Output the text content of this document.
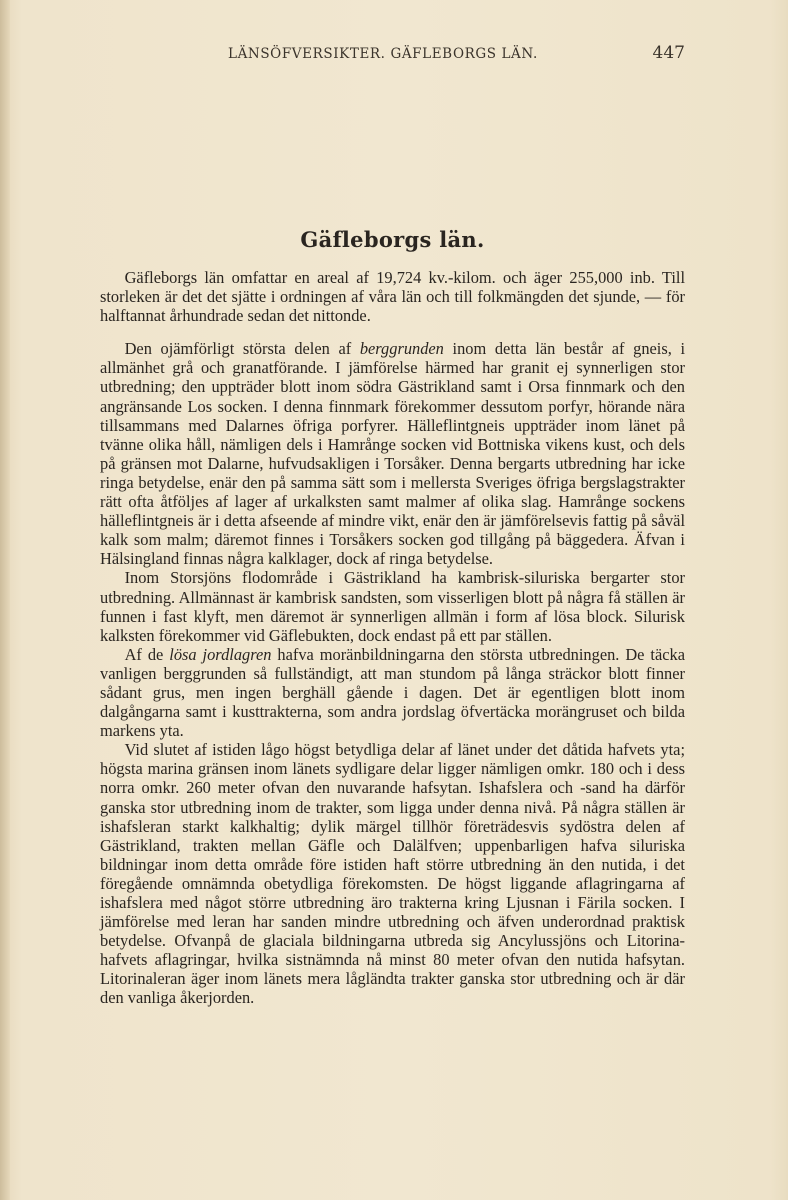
LÄNSÖFVERSIKTER. GÄFLEBORGS LÄN.	447
Gäfleborgs län.

Gäfleborgs län omfattar en areal af 19,724 kv.-kilom. och äger 255,000 inb. Till storleken är det det sjätte i ordningen af våra län och till folkmängden det sjunde, — för halftannat århundrade sedan det nittonde.

Den ojämförligt största delen af berggrunden inom detta län består af gneis, i allmänhet grå och granatförande. I jämförelse härmed har granit ej synnerligen stor utbredning; den uppträder blott inom södra Gästrikland samt i Orsa finnmark och den angränsande Los socken. I denna finnmark förekommer dessutom porfyr, hörande nära tillsammans med Dalarnes öfriga porfyrer. Hälleflintgneis uppträder inom länet på tvänne olika håll, nämligen dels i Hamrånge socken vid Bottniska vikens kust, och dels på gränsen mot Dalarne, hufvudsakligen i Torsåker. Denna bergarts utbredning har icke ringa betydelse, enär den på samma sätt som i mellersta Sveriges öfriga bergslagstrakter rätt ofta åtföljes af lager af urkalksten samt malmer af olika slag. Hamrånge sockens hälleflintgneis är i detta afseende af mindre vikt, enär den är jämförelsevis fattig på såväl kalk som malm; däremot finnes i Torsåkers socken god tillgång på bäggedera. Äfvan i Hälsingland finnas några kalklager, dock af ringa betydelse.

Inom Storsjöns flodområde i Gästrikland ha kambrisk-siluriska bergarter stor utbredning. Allmännast är kambrisk sandsten, som visserligen blott på några få ställen är funnen i fast klyft, men däremot är synnerligen allmän i form af lösa block. Silurisk kalksten förekommer vid Gäflebukten, dock endast på ett par ställen.

Af de lösa jordlagren hafva moränbildningarna den största utbredningen. De täcka vanligen berggrunden så fullständigt, att man stundom på långa sträckor blott finner sådant grus, men ingen berghäll gående i dagen. Det är egentligen blott inom dalgångarna samt i kusttrakterna, som andra jordslag öfvertäcka morängruset och bilda markens yta.

Vid slutet af istiden lågo högst betydliga delar af länet under det dåtida hafvets yta; högsta marina gränsen inom länets sydligare delar ligger nämligen omkr. 180 och i dess norra omkr. 260 meter ofvan den nuvarande hafsytan. Ishafslera och -sand ha därför ganska stor utbredning inom de trakter, som ligga under denna nivå. På några ställen är ishafsleran starkt kalkhaltig; dylik märgel tillhör företrädesvis sydöstra delen af Gästrikland, trakten mellan Gäfle och Dalälfven; uppenbarligen hafva siluriska bildningar inom detta område före istiden haft större utbredning än den nutida, i det föregående omnämnda obetydliga förekomsten. De högst liggande aflagringarna af ishafslera med något större utbredning äro trakterna kring Ljusnan i Färila socken. I jämförelse med leran har sanden mindre utbredning och äfven underordnad praktisk betydelse. Ofvanpå de glaciala bildningarna utbreda sig Ancylussjöns och Litorina-hafvets aflagringar, hvilka sistnämnda nå minst 80 meter ofvan den nutida hafsytan. Litorinaleran äger inom länets mera lågländta trakter ganska stor utbredning och är där den vanliga åkerjorden.
